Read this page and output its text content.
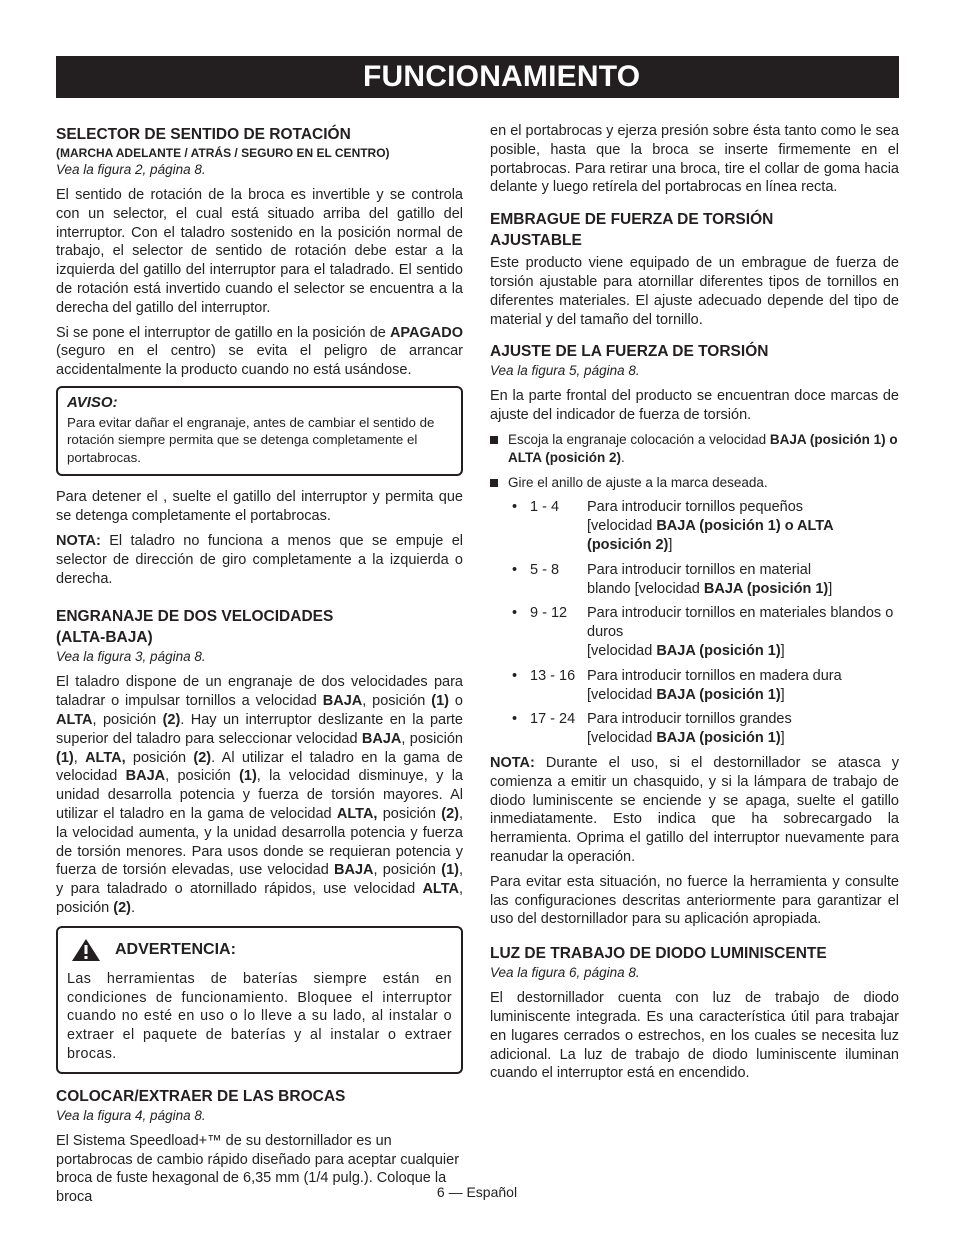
FUNCIONAMIENTO
SELECTOR DE SENTIDO DE ROTACIÓN
(MARCHA ADELANTE / ATRÁS / SEGURO EN EL CENTRO)
Vea la figura 2, página 8.

El sentido de rotación de la broca es invertible y se controla con un selector, el cual está situado arriba del gatillo del interruptor. Con el taladro sostenido en la posición normal de trabajo, el selector de sentido de rotación debe estar a la izquierda del gatillo del interruptor para el taladrado. El sentido de rotación está invertido cuando el selector se encuentra a la derecha del gatillo del interruptor.

Si se pone el interruptor de gatillo en la posición de APAGADO (seguro en el centro) se evita el peligro de arrancar accidentalmente la producto cuando no está usándose.

AVISO:
Para evitar dañar el engranaje, antes de cambiar el sentido de rotación siempre permita que se detenga completamente el portabrocas.

Para detener el , suelte el gatillo del interruptor y permita que se detenga completamente el portabrocas.

NOTA: El taladro no funciona a menos que se empuje el selector de dirección de giro completamente a la izquierda o derecha.

ENGRANAJE DE DOS VELOCIDADES
(ALTA-BAJA)
Vea la figura 3, página 8.

El taladro dispone de un engranaje de dos velocidades para taladrar o impulsar tornillos a velocidad BAJA, posición (1) o ALTA, posición (2). Hay un interruptor deslizante en la parte superior del taladro para seleccionar velocidad BAJA, posición (1), ALTA, posición (2). Al utilizar el taladro en la gama de velocidad BAJA, posición (1), la velocidad disminuye, y la unidad desarrolla potencia y fuerza de torsión mayores. Al utilizar el taladro en la gama de velocidad ALTA, posición (2), la velocidad aumenta, y la unidad desarrolla potencia y fuerza de torsión menores. Para usos donde se requieran potencia y fuerza de torsión elevadas, use velocidad BAJA, posición (1), y para taladrado o atornillado rápidos, use velocidad ALTA, posición (2).

ADVERTENCIA:
Las herramientas de baterías siempre están en condiciones de funcionamiento. Bloquee el interruptor cuando no esté en uso o lo lleve a su lado, al instalar o extraer el paquete de baterías y al instalar o extraer brocas.
COLOCAR/EXTRAER DE LAS BROCAS
Vea la figura 4, página 8.

El Sistema Speedload+™ de su destornillador es un portabrocas de cambio rápido diseñado para aceptar cualquier broca de fuste hexagonal de 6,35 mm (1/4 pulg.). Coloque la broca

en el portabrocas y ejerza presión sobre ésta tanto como le sea posible, hasta que la broca se inserte firmemente en el portabrocas. Para retirar una broca, tire el collar de goma hacia delante y luego retírela del portabrocas en línea recta.

EMBRAGUE DE FUERZA DE TORSIÓN
AJUSTABLE

Este producto viene equipado de un embrague de fuerza de torsión ajustable para atornillar diferentes tipos de tornillos en diferentes materiales. El ajuste adecuado depende del tipo de material y del tamaño del tornillo.

AJUSTE DE LA FUERZA DE TORSIÓN
Vea la figura 5, página 8.

En la parte frontal del producto se encuentran doce marcas de ajuste del indicador de fuerza de torsión.

Escoja la engranaje colocación a velocidad BAJA (posición 1) o ALTA (posición 2).
Gire el anillo de ajuste a la marca deseada.
• 1 - 4	Para introducir tornillos pequeños
[velocidad BAJA (posición 1) o ALTA (posición 2)]
• 5 - 8	Para introducir tornillos en material
blando [velocidad BAJA (posición 1)]
• 9 - 12	Para introducir tornillos en materiales blandos o duros
[velocidad BAJA (posición 1)]
• 13 - 16 Para introducir tornillos en madera dura
[velocidad BAJA (posición 1)]
• 17 - 24 Para introducir tornillos grandes
[velocidad BAJA (posición 1)]

NOTA: Durante el uso, si el destornillador se atasca y comienza a emitir un chasquido, y si la lámpara de trabajo de diodo luminiscente se enciende y se apaga, suelte el gatillo inmediatamente. Esto indica que ha sobrecargado la herramienta. Oprima el gatillo del interruptor nuevamente para reanudar la operación.

Para evitar esta situación, no fuerce la herramienta y consulte las configuraciones descritas anteriormente para garantizar el uso del destornillador para su aplicación apropiada.

LUZ DE TRABAJO DE DIODO LUMINISCENTE
Vea la figura 6, página 8.

El destornillador cuenta con luz de trabajo de diodo luminiscente integrada. Es una característica útil para trabajar en lugares cerrados o estrechos, en los cuales se necesita luz adicional. La luz de trabajo de diodo luminiscente iluminan cuando el interruptor está en encendido.

6 — Español
